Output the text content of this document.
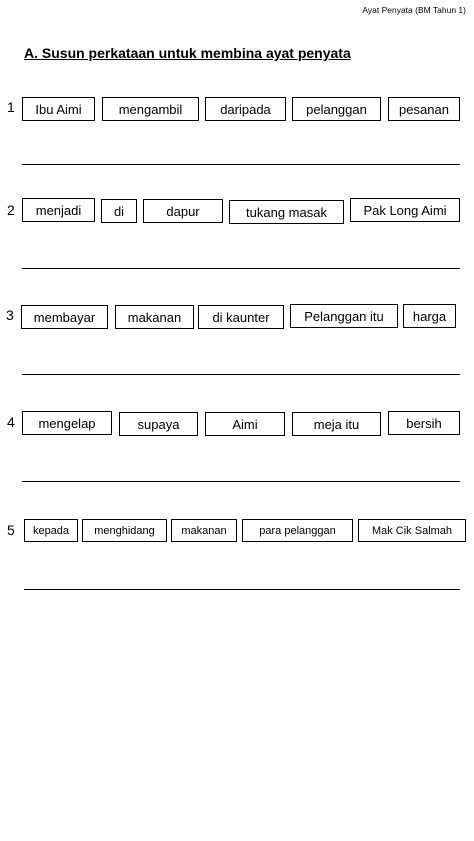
Ayat Penyata (BM Tahun 1)
A. Susun perkataan untuk membina ayat penyata
1	Ibu Aimi	mengambil	daripada	pelanggan	pesanan
2	menjadi	di	dapur	tukang masak	Pak Long Aimi
3	membayar	makanan	di kaunter	Pelanggan itu	harga
4	mengelap	supaya	Aimi	meja itu	bersih
5	kepada	menghidang	makanan	para pelanggan	Mak Cik Salmah
